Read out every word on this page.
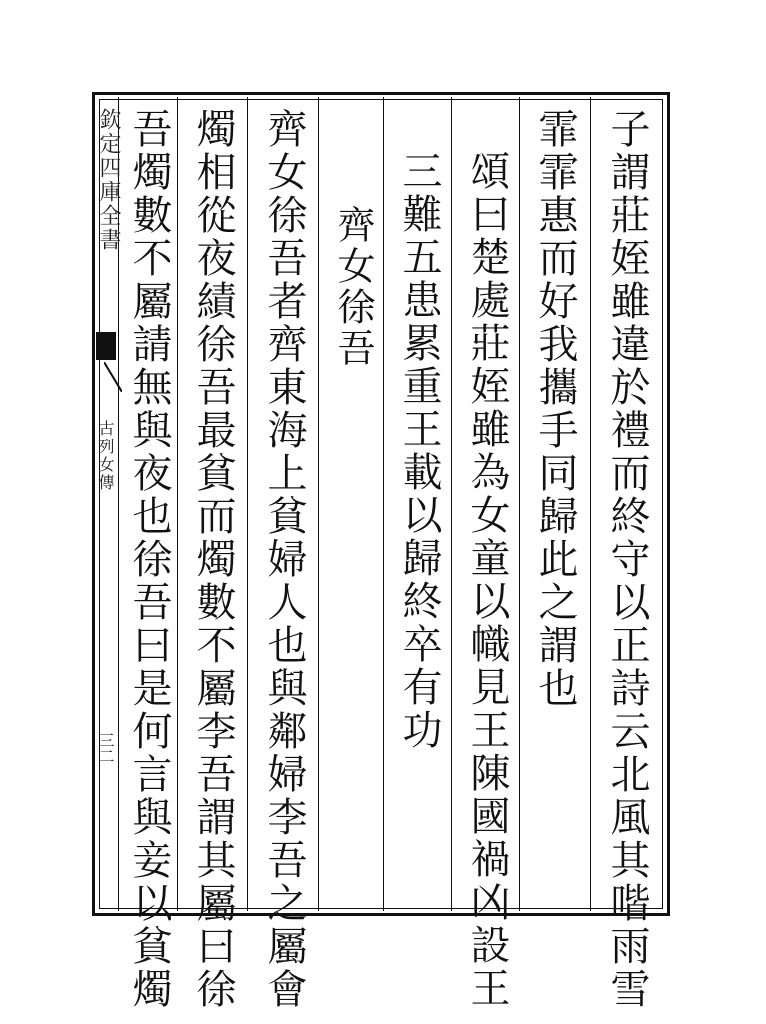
欽定四庫全書
古列女傳
三二	子謂莊姪雖違於禮而終守以正詩云北風其喈雨雪
霏霏惠而好我攜手同歸此之謂也
頌曰楚處莊姪雖為女童以幟見王陳國禍凶設王
三難五患累重王載以歸終卒有功
齊女徐吾
齊女徐吾者齊東海上貧婦人也與鄰婦李吾之屬會
燭相從夜績徐吾最貧而燭數不屬李吾謂其屬曰徐
吾燭數不屬請無與夜也徐吾曰是何言與妾以貧燭
